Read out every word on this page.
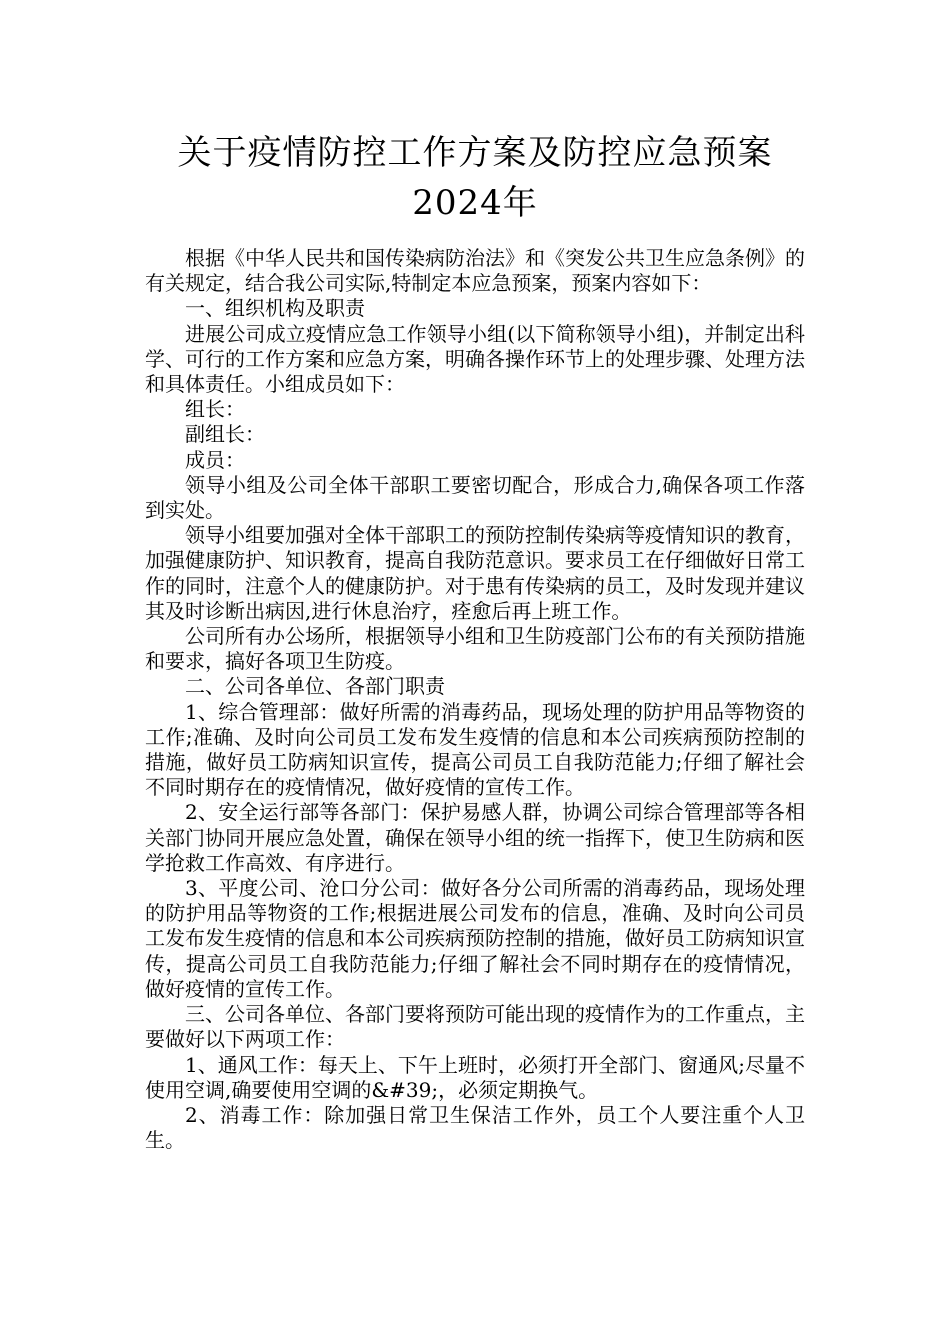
关于疫情防控工作方案及防控应急预案
2024年

根据《中华人民共和国传染病防治法》和《突发公共卫生应急条例》的有关规定，结合我公司实际,特制定本应急预案，预案内容如下：

一、组织机构及职责

进展公司成立疫情应急工作领导小组(以下简称领导小组)，并制定出科学、可行的工作方案和应急方案，明确各操作环节上的处理步骤、处理方法和具体责任。小组成员如下：

组长：

副组长：

成员：

领导小组及公司全体干部职工要密切配合，形成合力,确保各项工作落到实处。

领导小组要加强对全体干部职工的预防控制传染病等疫情知识的教育，加强健康防护、知识教育，提高自我防范意识。要求员工在仔细做好日常工作的同时，注意个人的健康防护。对于患有传染病的员工，及时发现并建议其及时诊断出病因,进行休息治疗，痊愈后再上班工作。

公司所有办公场所，根据领导小组和卫生防疫部门公布的有关预防措施和要求，搞好各项卫生防疫。

二、公司各单位、各部门职责

1、综合管理部：做好所需的消毒药品，现场处理的防护用品等物资的工作;准确、及时向公司员工发布发生疫情的信息和本公司疾病预防控制的措施，做好员工防病知识宣传，提高公司员工自我防范能力;仔细了解社会不同时期存在的疫情情况，做好疫情的宣传工作。

2、安全运行部等各部门：保护易感人群，协调公司综合管理部等各相关部门协同开展应急处置，确保在领导小组的统一指挥下，使卫生防病和医学抢救工作高效、有序进行。

3、平度公司、沧口分公司：做好各分公司所需的消毒药品，现场处理的防护用品等物资的工作;根据进展公司发布的信息，准确、及时向公司员工发布发生疫情的信息和本公司疾病预防控制的措施，做好员工防病知识宣传，提高公司员工自我防范能力;仔细了解社会不同时期存在的疫情情况，做好疫情的宣传工作。

三、公司各单位、各部门要将预防可能出现的疫情作为的工作重点，主要做好以下两项工作：

1、通风工作：每天上、下午上班时，必须打开全部门、窗通风;尽量不使用空调,确要使用空调的&#39;，必须定期换气。

2、消毒工作：除加强日常卫生保洁工作外，员工个人要注重个人卫生。
